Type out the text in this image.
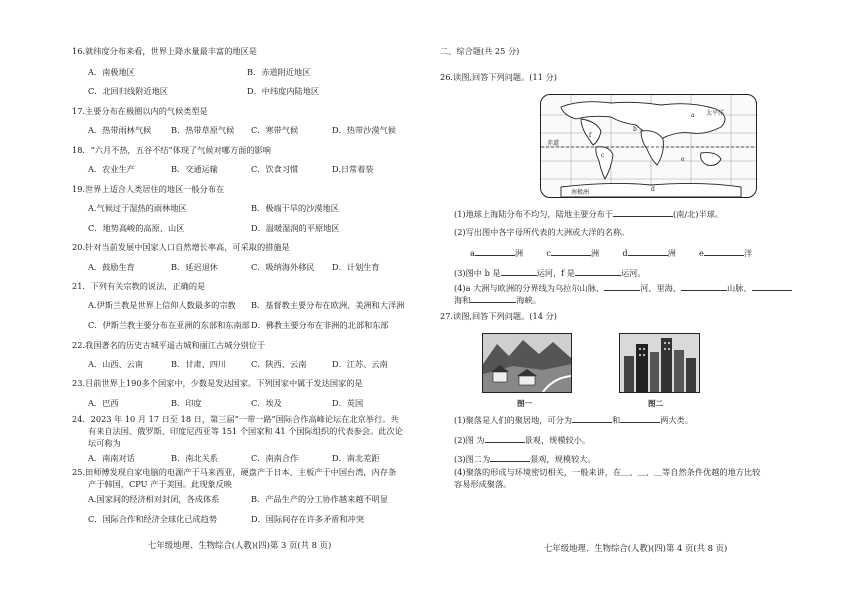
16.就纬度分布来看，世界上降水量最丰富的地区是
A．南极地区	B．赤道附近地区
C．北回归线附近地区	D．中纬度内陆地区
17.主要分布在极圈以内的气候类型是
A．热带雨林气候 B．热带草原气候 C．寒带气候	D．热带沙漠气候
18．“六月不热，五谷不结”体现了气候对哪方面的影响
A．农业生产	B．交通运输	C．饮食习惯	D.日常着装
19.世界上适合人类居住的地区一般分布在
A.气候过于湿热的雨林地区	B．极端干旱的沙漠地区
C．地势高峻的高原、山区	D．温暖湿润的平原地区
20.针对当前发展中国家人口自然增长率高，可采取的措施是
A．鼓励生育	B．延迟退休	C．吸纳海外移民 D．计划生育
21．下列有关宗教的说法，正确的是
A.伊斯兰教是世界上信仰人数最多的宗教 B．基督教主要分布在欧洲、美洲和大洋洲
C．伊斯兰教主要分布在亚洲的东部和东南部 D．佛教主要分布在非洲的北部和东部
22.我国著名的历史古城平遥古城和丽江古城分别位于
A．山西、云南	B．甘肃、四川	C．陕西、云南	D．江苏、云南
23.目前世界上190多个国家中，少数是发达国家。下列国家中属于发达国家的是
A．巴西	B．印度	C．埃及	D．英国
24．2023 年 10 月 17 日至 18 日，第三届“一带一路”国际合作高峰论坛在北京举行。共
有来自法国、俄罗斯、印度尼西亚等 151 个国家和 41 个国际组织的代表参会。此次论
坛可称为
A．南南对话	B．南北关系	C．南南合作	D．南北差距
25.田师傅发现自家电脑的电源产于马来西亚，硬盘产于日本，主板产于中国台湾，内存条
产于韩国，CPU 产于美国。此现象反映
A.国家间的经济相对封闭，各成体系	B．产品生产的分工协作越来越不明显
C．国际合作和经济全球化已成趋势	D．国际间存在许多矛盾和冲突
七年级地理、生物综合(人教)(四)第 3 页(共 8 页)
二、综合题(共 25 分)
26.读图,回答下列问题。(11 分)
赤道
太平洋
南极洲
a
b
c
d
e
f
(1)地球上海陆分布不均匀，陆地主要分布于	(南/北)半球。
(2)写出图中各字母所代表的大洲或大洋的名称。
a	洲	c	洲	d	洲	e	洋
(3)图中 b 是	运河，f 是	运河。
(4)a 大洲与欧洲的分界线为乌拉尔山脉、	河、里海、	山脉、
海和	海峡。
27.读图,回答下列问题。(14 分)
图一	图二
(1)聚落是人们的聚居地，可分为	和	两大类。
(2)图 为	景观，规模较小。
(3)图二为	景观，规模较大。
(4)聚落的形成与环境密切相关，一般来讲，在＿、＿、＿等自然条件优越的地方比较
容易形成聚落。
七年级地理、生物综合(人教)(四)第 4 页(共 8 页)
